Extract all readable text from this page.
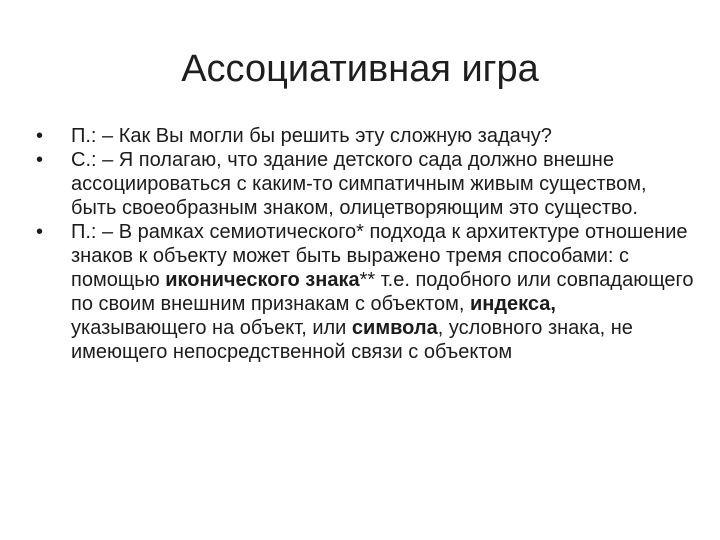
Ассоциативная игра
•
П.: – Как Вы могли бы решить эту сложную задачу?
•
С.: – Я полагаю, что здание детского сада должно внешне ассоциироваться с каким-то симпатичным живым существом, быть своеобразным знаком, олицетворяющим это существо.
•
П.: – В рамках семиотического* подхода к архитектуре отношение знаков к объекту может быть выражено тремя способами: с помощью иконического знака** т.е. подобного или совпадающего по своим внешним признакам с объектом, индекса, указывающего на объект, или символа, условного знака, не имеющего непосредственной связи с объектом
